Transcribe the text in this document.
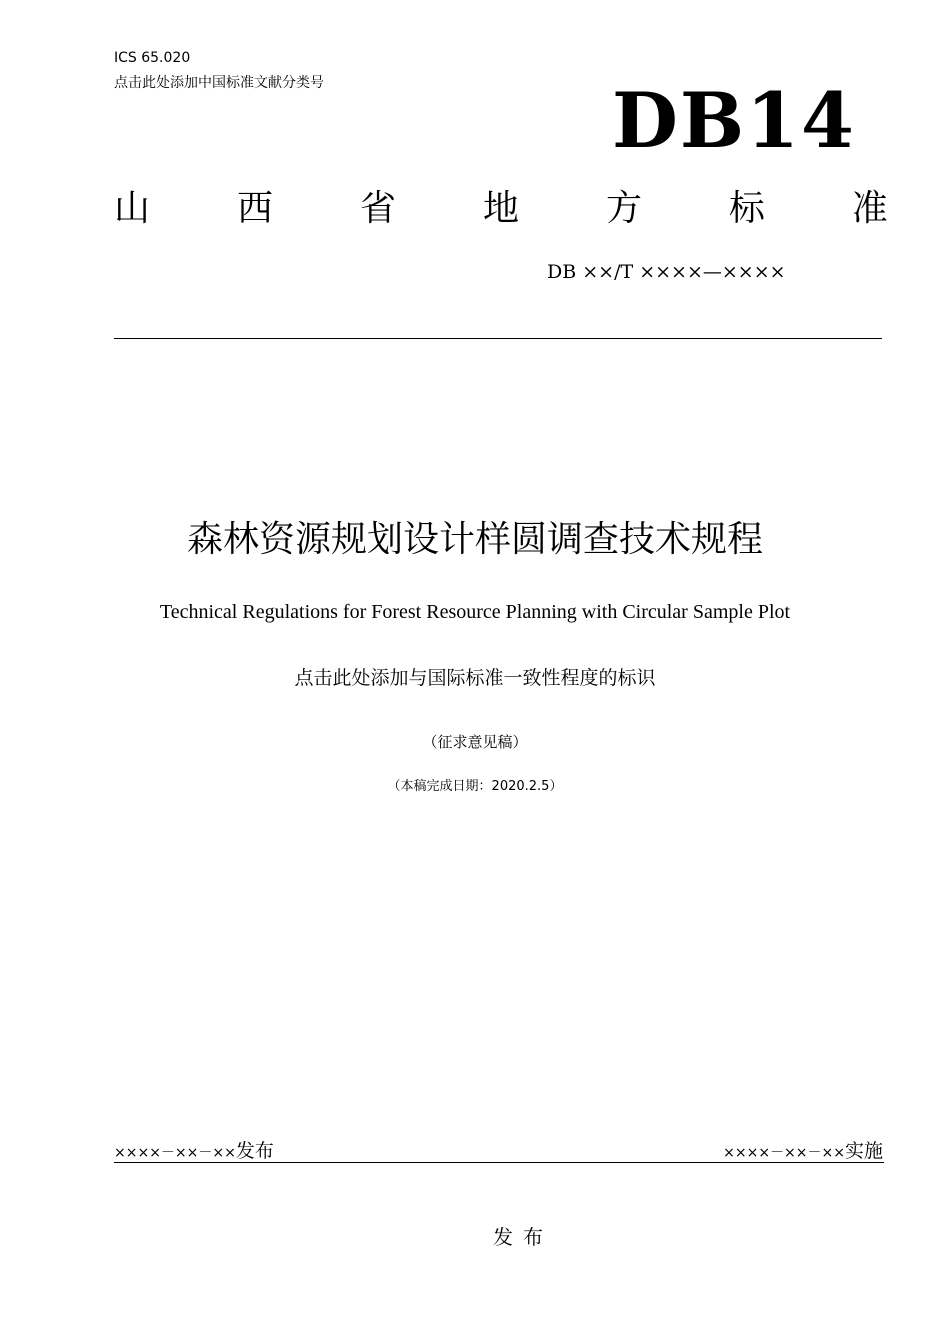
ICS 65.020
点击此处添加中国标准文献分类号	DB14
山 西 省 地 方 标 准
DB ××/T ××××—××××
森林资源规划设计样圆调查技术规程
Technical Regulations for Forest Resource Planning with Circular Sample Plot
点击此处添加与国际标准一致性程度的标识
（征求意见稿）
（本稿完成日期：2020.2.5）
××××－××－××发布	××××－××－××实施
发布
